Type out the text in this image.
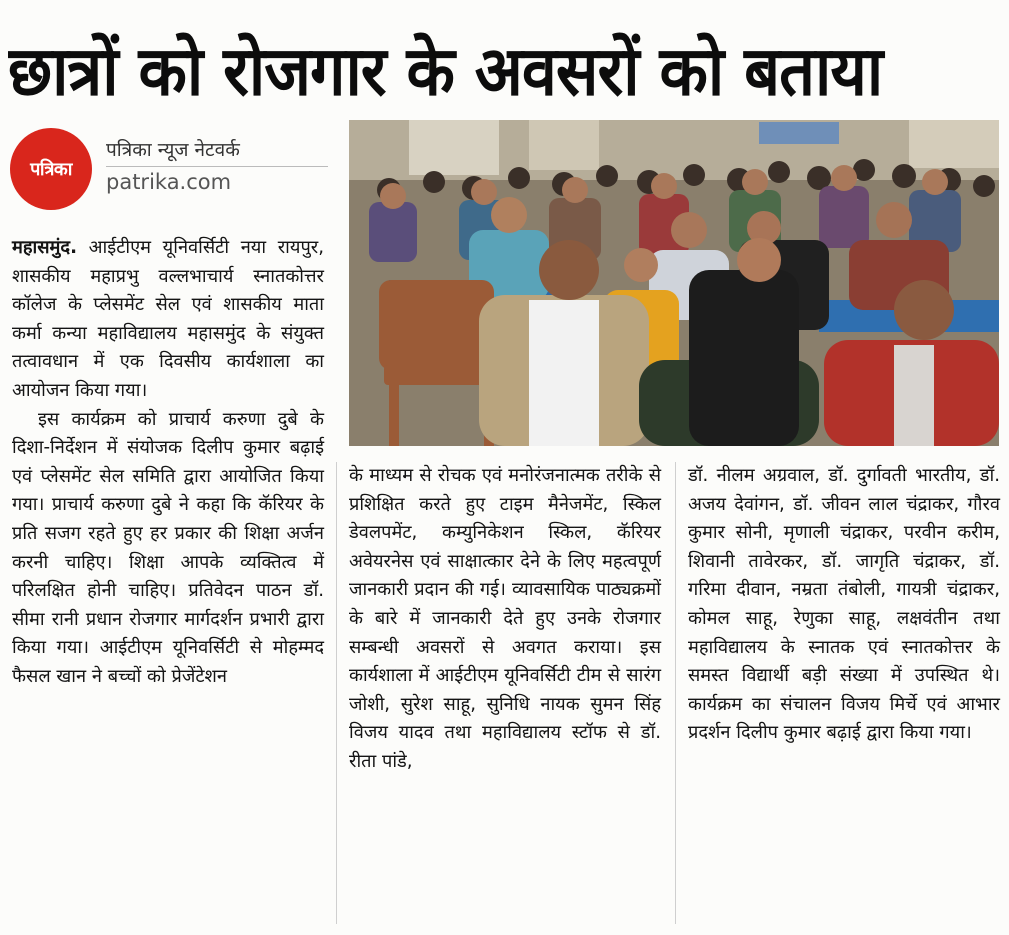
छात्रों को रोजगार के अवसरों को बताया
पत्रिका
पत्रिका न्यूज नेटवर्क
patrika.com

महासमुंद. आईटीएम यूनिवर्सिटी नया रायपुर, शासकीय महाप्रभु वल्लभाचार्य स्नातकोत्तर कॉलेज के प्लेसमेंट सेल एवं शासकीय माता कर्मा कन्या महाविद्यालय महासमुंद के संयुक्त तत्वावधान में एक दिवसीय कार्यशाला का आयोजन किया गया।

इस कार्यक्रम को प्राचार्य करुणा दुबे के दिशा-निर्देशन में संयोजक दिलीप कुमार बढ़ाई एवं प्लेसमेंट सेल समिति द्वारा आयोजित किया गया। प्राचार्य करुणा दुबे ने कहा कि कॅरियर के प्रति सजग रहते हुए हर प्रकार की शिक्षा अर्जन करनी चाहिए। शिक्षा आपके व्यक्तित्व में परिलक्षित होनी चाहिए। प्रतिवेदन पाठन डॉ. सीमा रानी प्रधान रोजगार मार्गदर्शन प्रभारी द्वारा किया गया। आईटीएम यूनिवर्सिटी से मोहम्मद फैसल खान ने बच्चों को प्रेजेंटेशन

के माध्यम से रोचक एवं मनोरंजनात्मक तरीके से प्रशिक्षित करते हुए टाइम मैनेजमेंट, स्किल डेवलपमेंट, कम्युनिकेशन स्किल, कॅरियर अवेयरनेस एवं साक्षात्कार देने के लिए महत्वपूर्ण जानकारी प्रदान की गई। व्यावसायिक पाठ्यक्रमों के बारे में जानकारी देते हुए उनके रोजगार सम्बन्धी अवसरों से अवगत कराया। इस कार्यशाला में आईटीएम यूनिवर्सिटी टीम से सारंग जोशी, सुरेश साहू, सुनिधि नायक सुमन सिंह विजय यादव तथा महाविद्यालय स्टॉफ से डॉ. रीता पांडे,

डॉ. नीलम अग्रवाल, डॉ. दुर्गावती भारतीय, डॉ. अजय देवांगन, डॉ. जीवन लाल चंद्राकर, गौरव कुमार सोनी, मृणाली चंद्राकर, परवीन करीम, शिवानी तावेरकर, डॉ. जागृति चंद्राकर, डॉ. गरिमा दीवान, नम्रता तंबोली, गायत्री चंद्राकर, कोमल साहू, रेणुका साहू, लक्षवंतीन तथा महाविद्यालय के स्नातक एवं स्नातकोत्तर के समस्त विद्यार्थी बड़ी संख्या में उपस्थित थे। कार्यक्रम का संचालन विजय मिर्चे एवं आभार प्रदर्शन दिलीप कुमार बढ़ाई द्वारा किया गया।
